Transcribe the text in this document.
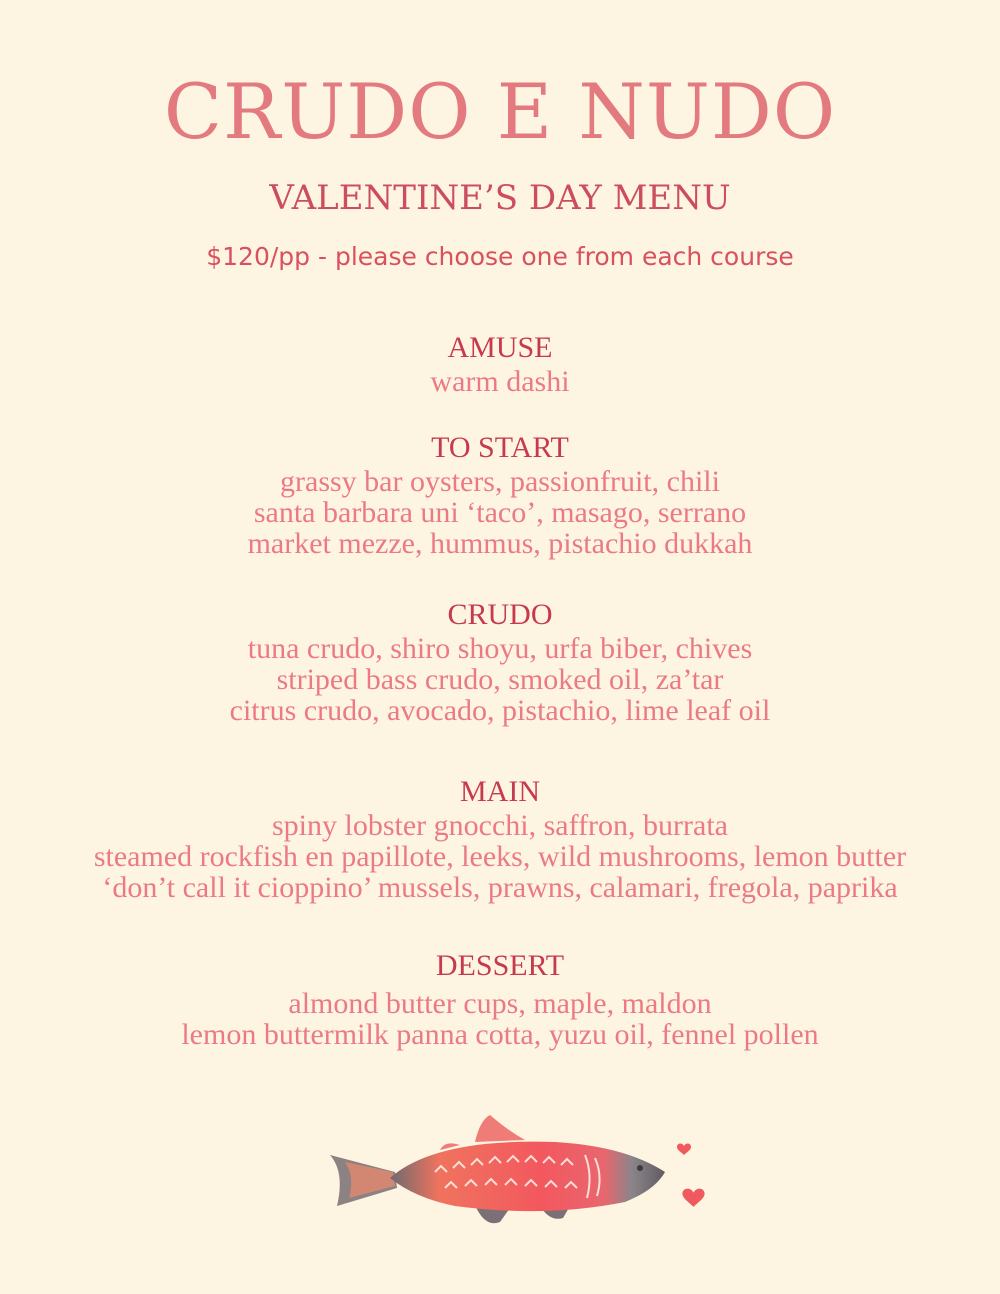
CRUDO E NUDO
VALENTINE’S DAY MENU
$120/pp - please choose one from each course
AMUSE
warm dashi
TO START
grassy bar oysters, passionfruit, chili
santa barbara uni ‘taco’, masago, serrano
market mezze, hummus, pistachio dukkah
CRUDO
tuna crudo, shiro shoyu, urfa biber, chives
striped bass crudo, smoked oil, za’tar
citrus crudo, avocado, pistachio, lime leaf oil
MAIN
spiny lobster gnocchi, saffron, burrata
steamed rockfish en papillote, leeks, wild mushrooms, lemon butter
‘don’t call it cioppino’ mussels, prawns, calamari, fregola, paprika
DESSERT
almond butter cups, maple, maldon
lemon buttermilk panna cotta, yuzu oil, fennel pollen
